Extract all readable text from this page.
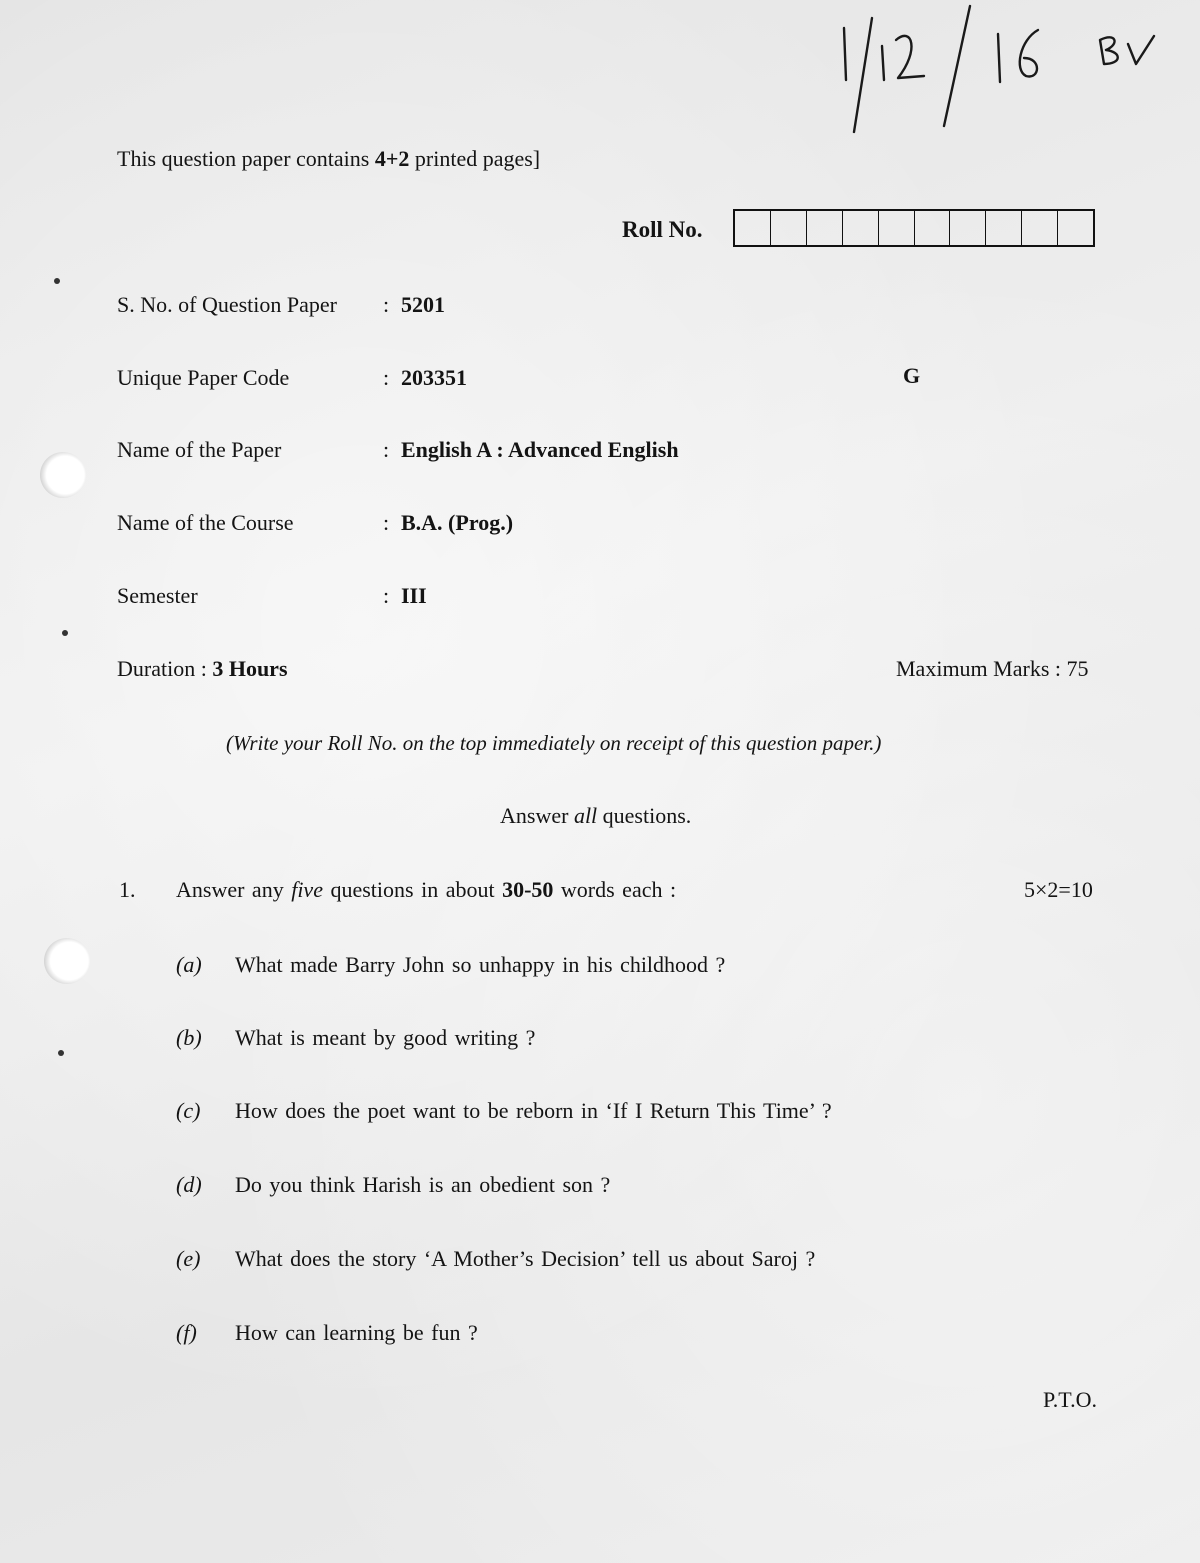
This question paper contains 4+2 printed pages]
Roll No.
S. No. of Question Paper : 5201
Unique Paper Code	: 203351	G
Name of the Paper	: English A : Advanced English
Name of the Course	: B.A. (Prog.)
Semester	: III
Duration : 3 Hours	Maximum Marks : 75
(Write your Roll No. on the top immediately on receipt of this question paper.)
Answer all questions.
1. Answer any five questions in about 30-50 words each :	5×2=10
(a) What made Barry John so unhappy in his childhood ?
(b) What is meant by good writing ?
(c) How does the poet want to be reborn in ‘If I Return This Time’ ?
(d) Do you think Harish is an obedient son ?
(e) What does the story ‘A Mother’s Decision’ tell us about Saroj ?
(f) How can learning be fun ?
P.T.O.
